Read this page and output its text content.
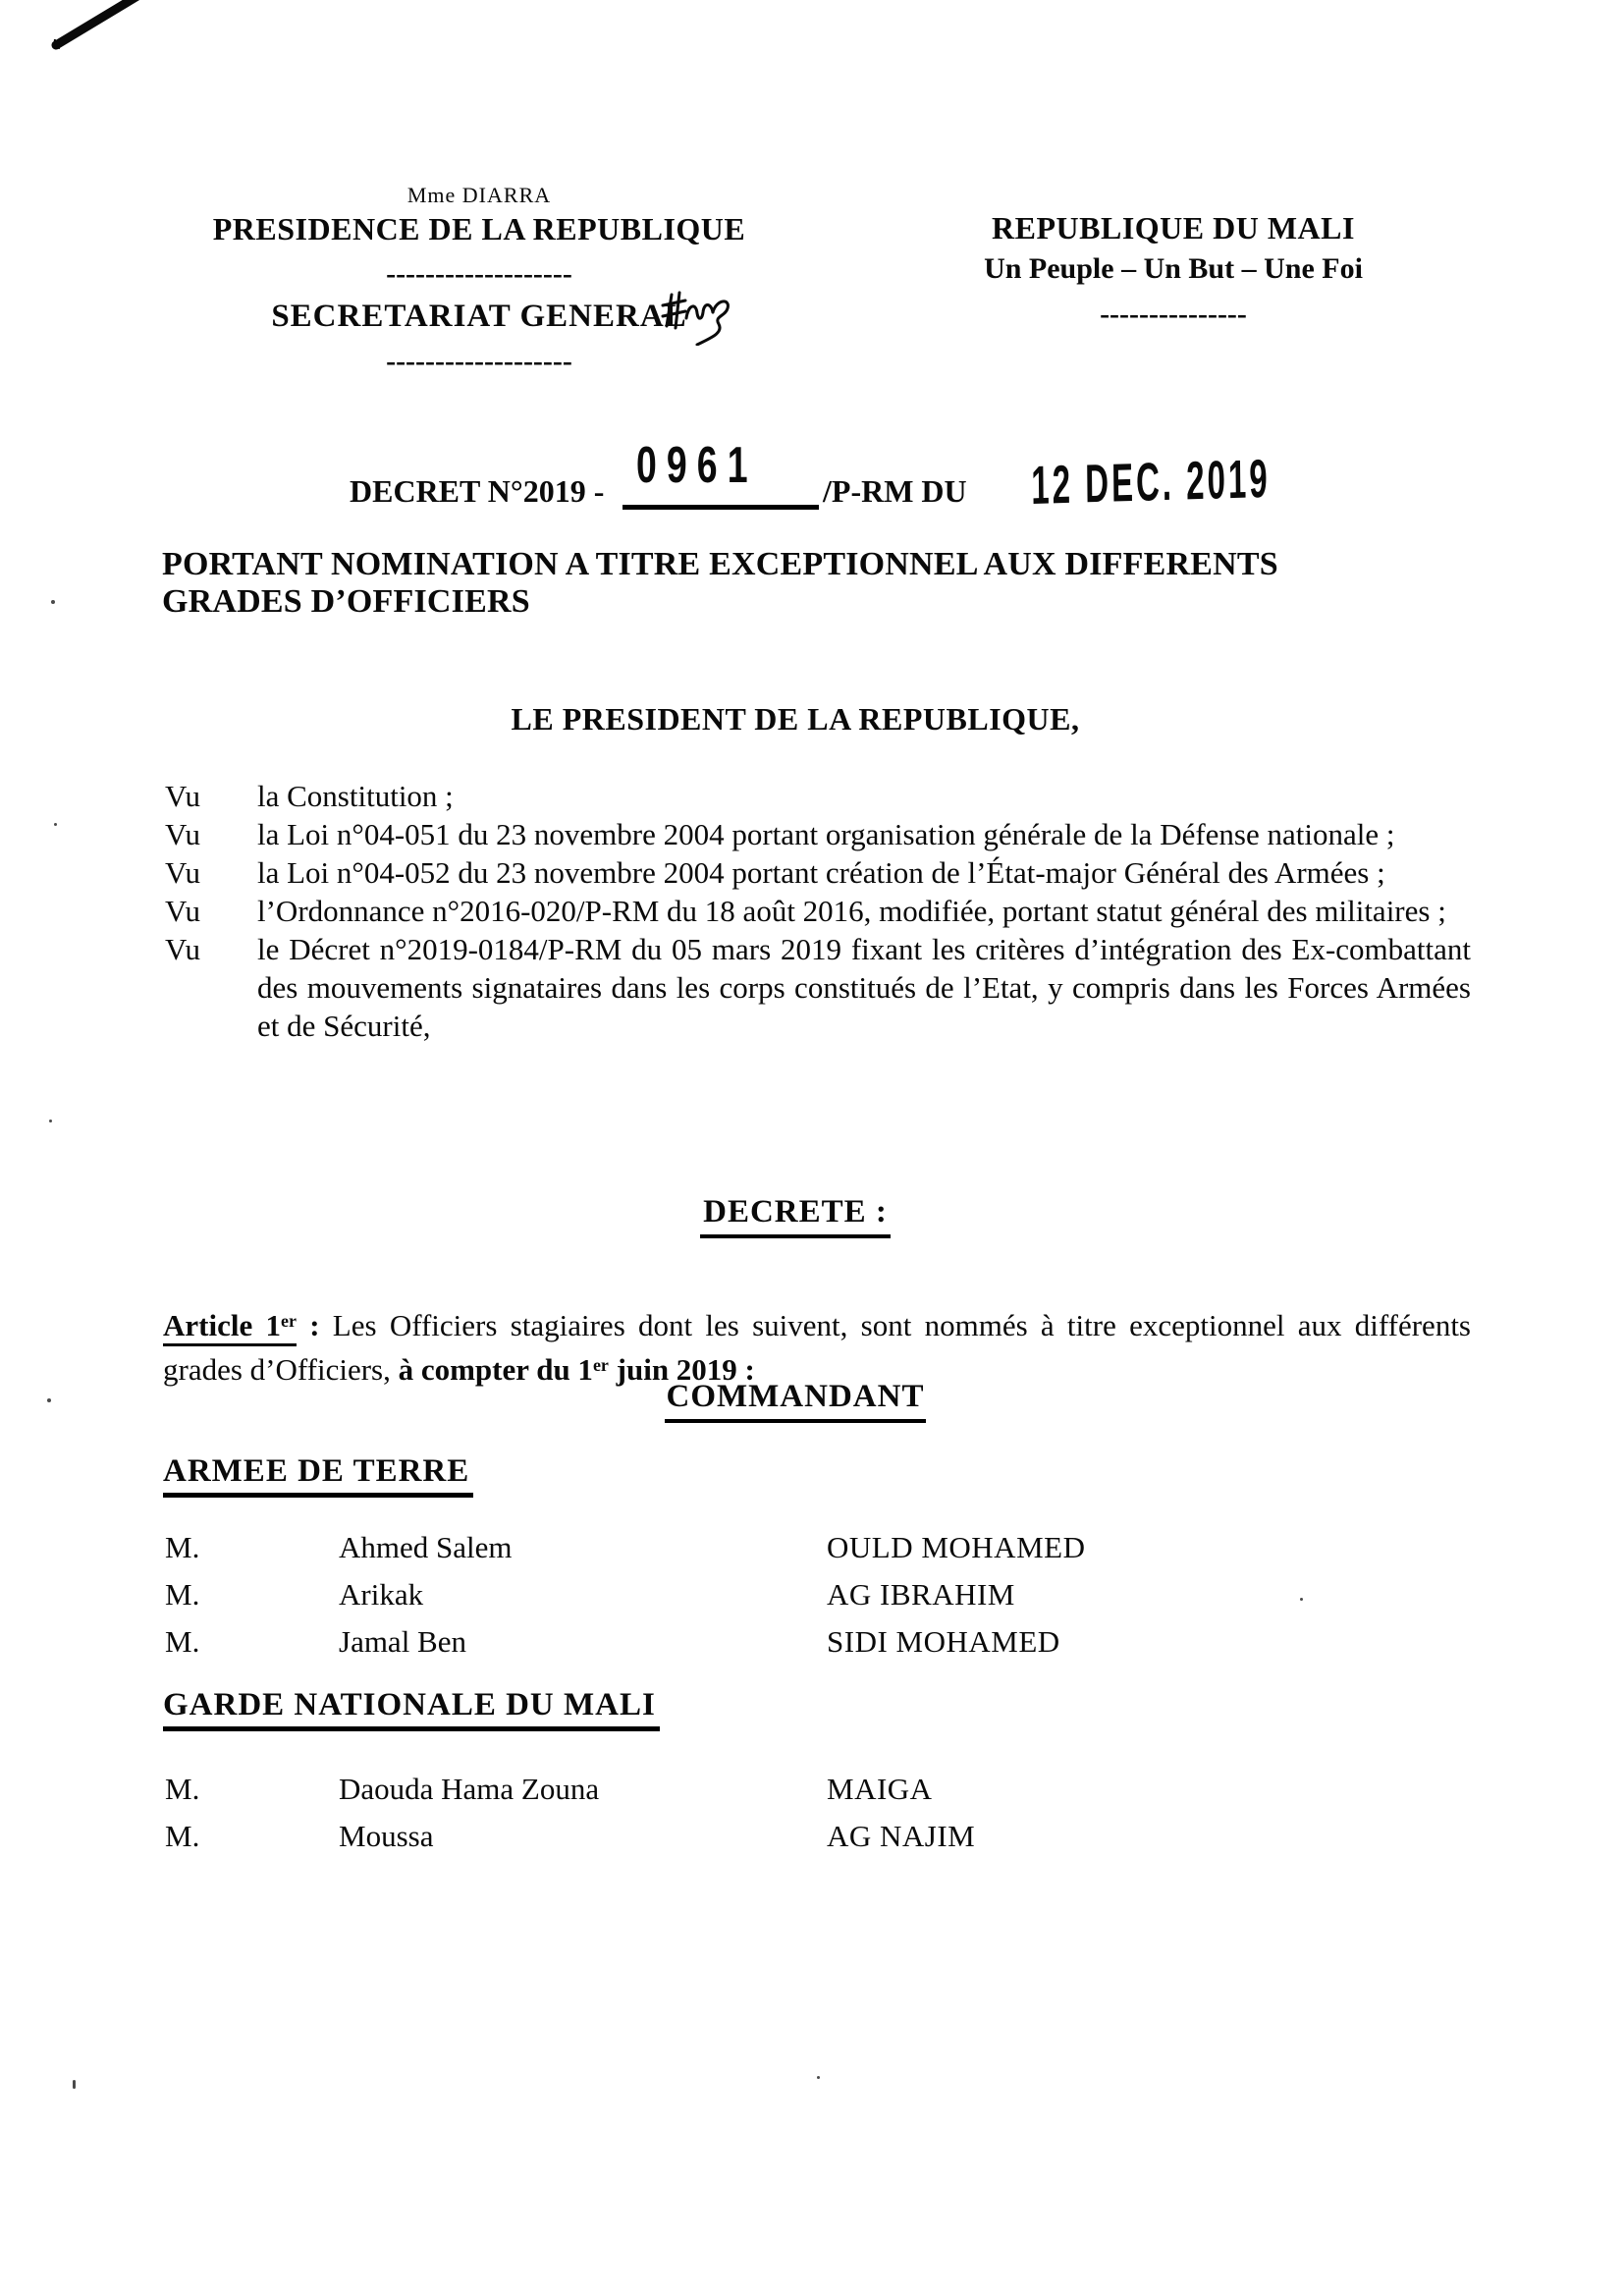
Mme DIARRA
PRESIDENCE DE LA REPUBLIQUE
-------------------
SECRETARIAT GENERAL
-------------------
REPUBLIQUE DU MALI
Un Peuple – Un But – Une Foi
---------------
DECRET N°2019 - 0961 /P-RM DU 12 DEC. 2019
PORTANT NOMINATION A TITRE EXCEPTIONNEL AUX DIFFERENTS
GRADES D’OFFICIERS
LE PRESIDENT DE LA REPUBLIQUE,
Vu la Constitution ;
Vu la Loi n°04-051 du 23 novembre 2004 portant organisation générale de la Défense nationale ;
Vu la Loi n°04-052 du 23 novembre 2004 portant création de l’État-major Général des Armées ;
Vu l’Ordonnance n°2016-020/P-RM du 18 août 2016, modifiée, portant statut général des militaires ;
Vu le Décret n°2019-0184/P-RM du 05 mars 2019 fixant les critères d’intégration des Ex-combattant des mouvements signataires dans les corps constitués de l’Etat, y compris dans les Forces Armées et de Sécurité,
DECRETE :

Article 1er : Les Officiers stagiaires dont les suivent, sont nommés à titre exceptionnel aux différents grades d’Officiers, à compter du 1er juin 2019 :

COMMANDANT
ARMEE DE TERRE
M.	Ahmed Salem	OULD MOHAMED
M.	Arikak	AG IBRAHIM
M.	Jamal Ben	SIDI MOHAMED
GARDE NATIONALE DU MALI
M.	Daouda Hama Zouna	MAIGA
M.	Moussa	AG NAJIM
